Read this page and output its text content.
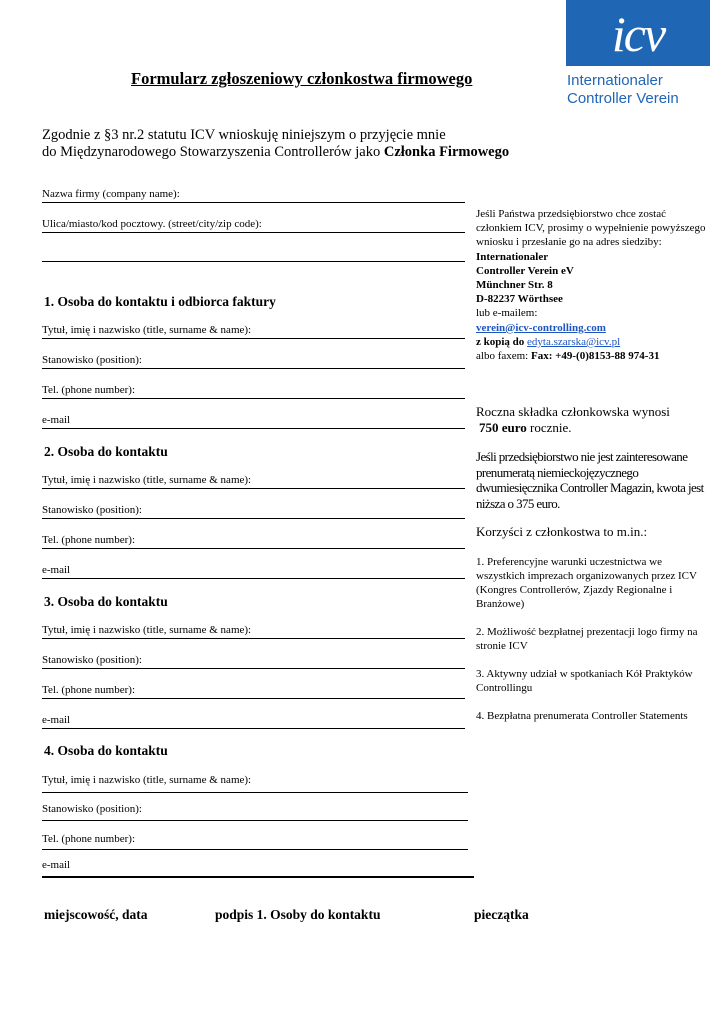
icv
Internationaler
Controller Verein
Formularz zgłoszeniowy członkostwa firmowego
Zgodnie z §3 nr.2 statutu ICV wnioskuję niniejszym o przyjęcie mnie
do Międzynarodowego Stowarzyszenia Controllerów jako Członka Firmowego
Nazwa firmy (company name):
Ulica/miasto/kod pocztowy. (street/city/zip code):
1. Osoba do kontaktu i odbiorca faktury
Tytuł, imię i nazwisko (title, surname & name):
Stanowisko (position):
Tel. (phone number):
e-mail
2. Osoba do kontaktu
Tytuł, imię i nazwisko (title, surname & name):
Stanowisko (position):
Tel. (phone number):
e-mail
3. Osoba do kontaktu
Tytuł, imię i nazwisko (title, surname & name):
Stanowisko (position):
Tel. (phone number):
e-mail
4. Osoba do kontaktu
Tytuł, imię i nazwisko (title, surname & name):
Stanowisko (position):
Tel. (phone number):
e-mail
Jeśli Państwa przedsiębiorstwo chce zostać członkiem ICV, prosimy o wypełnienie powyższego wniosku i przesłanie go na adres siedziby:
Internationaler
Controller Verein eV
Münchner Str. 8
D-82237 Wörthsee
lub e-mailem:
verein@icv-controlling.com
z kopią do edyta.szarska@icv.pl
albo faxem: Fax: +49-(0)8153-88 974-31
Roczna składka członkowska wynosi
750 euro rocznie.
Jeśli przedsiębiorstwo nie jest zainteresowane prenumeratą niemieckojęzycznego dwumiesięcznika Controller Magazin, kwota jest niższa o 375 euro.
Korzyści z członkostwa to m.in.:
1. Preferencyjne warunki uczestnictwa we wszystkich imprezach organizowanych przez ICV (Kongres Controllerów, Zjazdy Regionalne i Branżowe)
2. Możliwość bezpłatnej prezentacji logo firmy na stronie ICV
3. Aktywny udział w spotkaniach Kół Praktyków Controllingu
4. Bezpłatna prenumerata Controller Statements
miejscowość, data	podpis 1. Osoby do kontaktu	pieczątka
